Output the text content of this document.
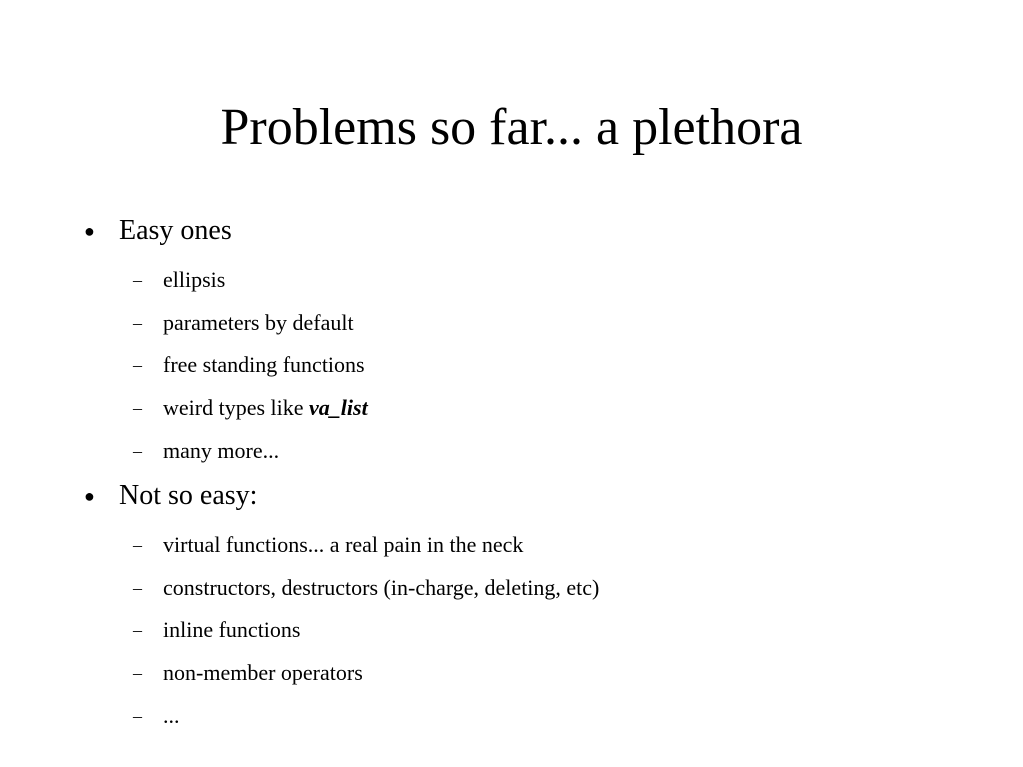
Problems so far... a plethora
● Easy ones
– ellipsis
– parameters by default
– free standing functions
– weird types like va_list
– many more...
● Not so easy:
– virtual functions... a real pain in the neck
– constructors, destructors (in-charge, deleting, etc)
– inline functions
– non-member operators
– ...
